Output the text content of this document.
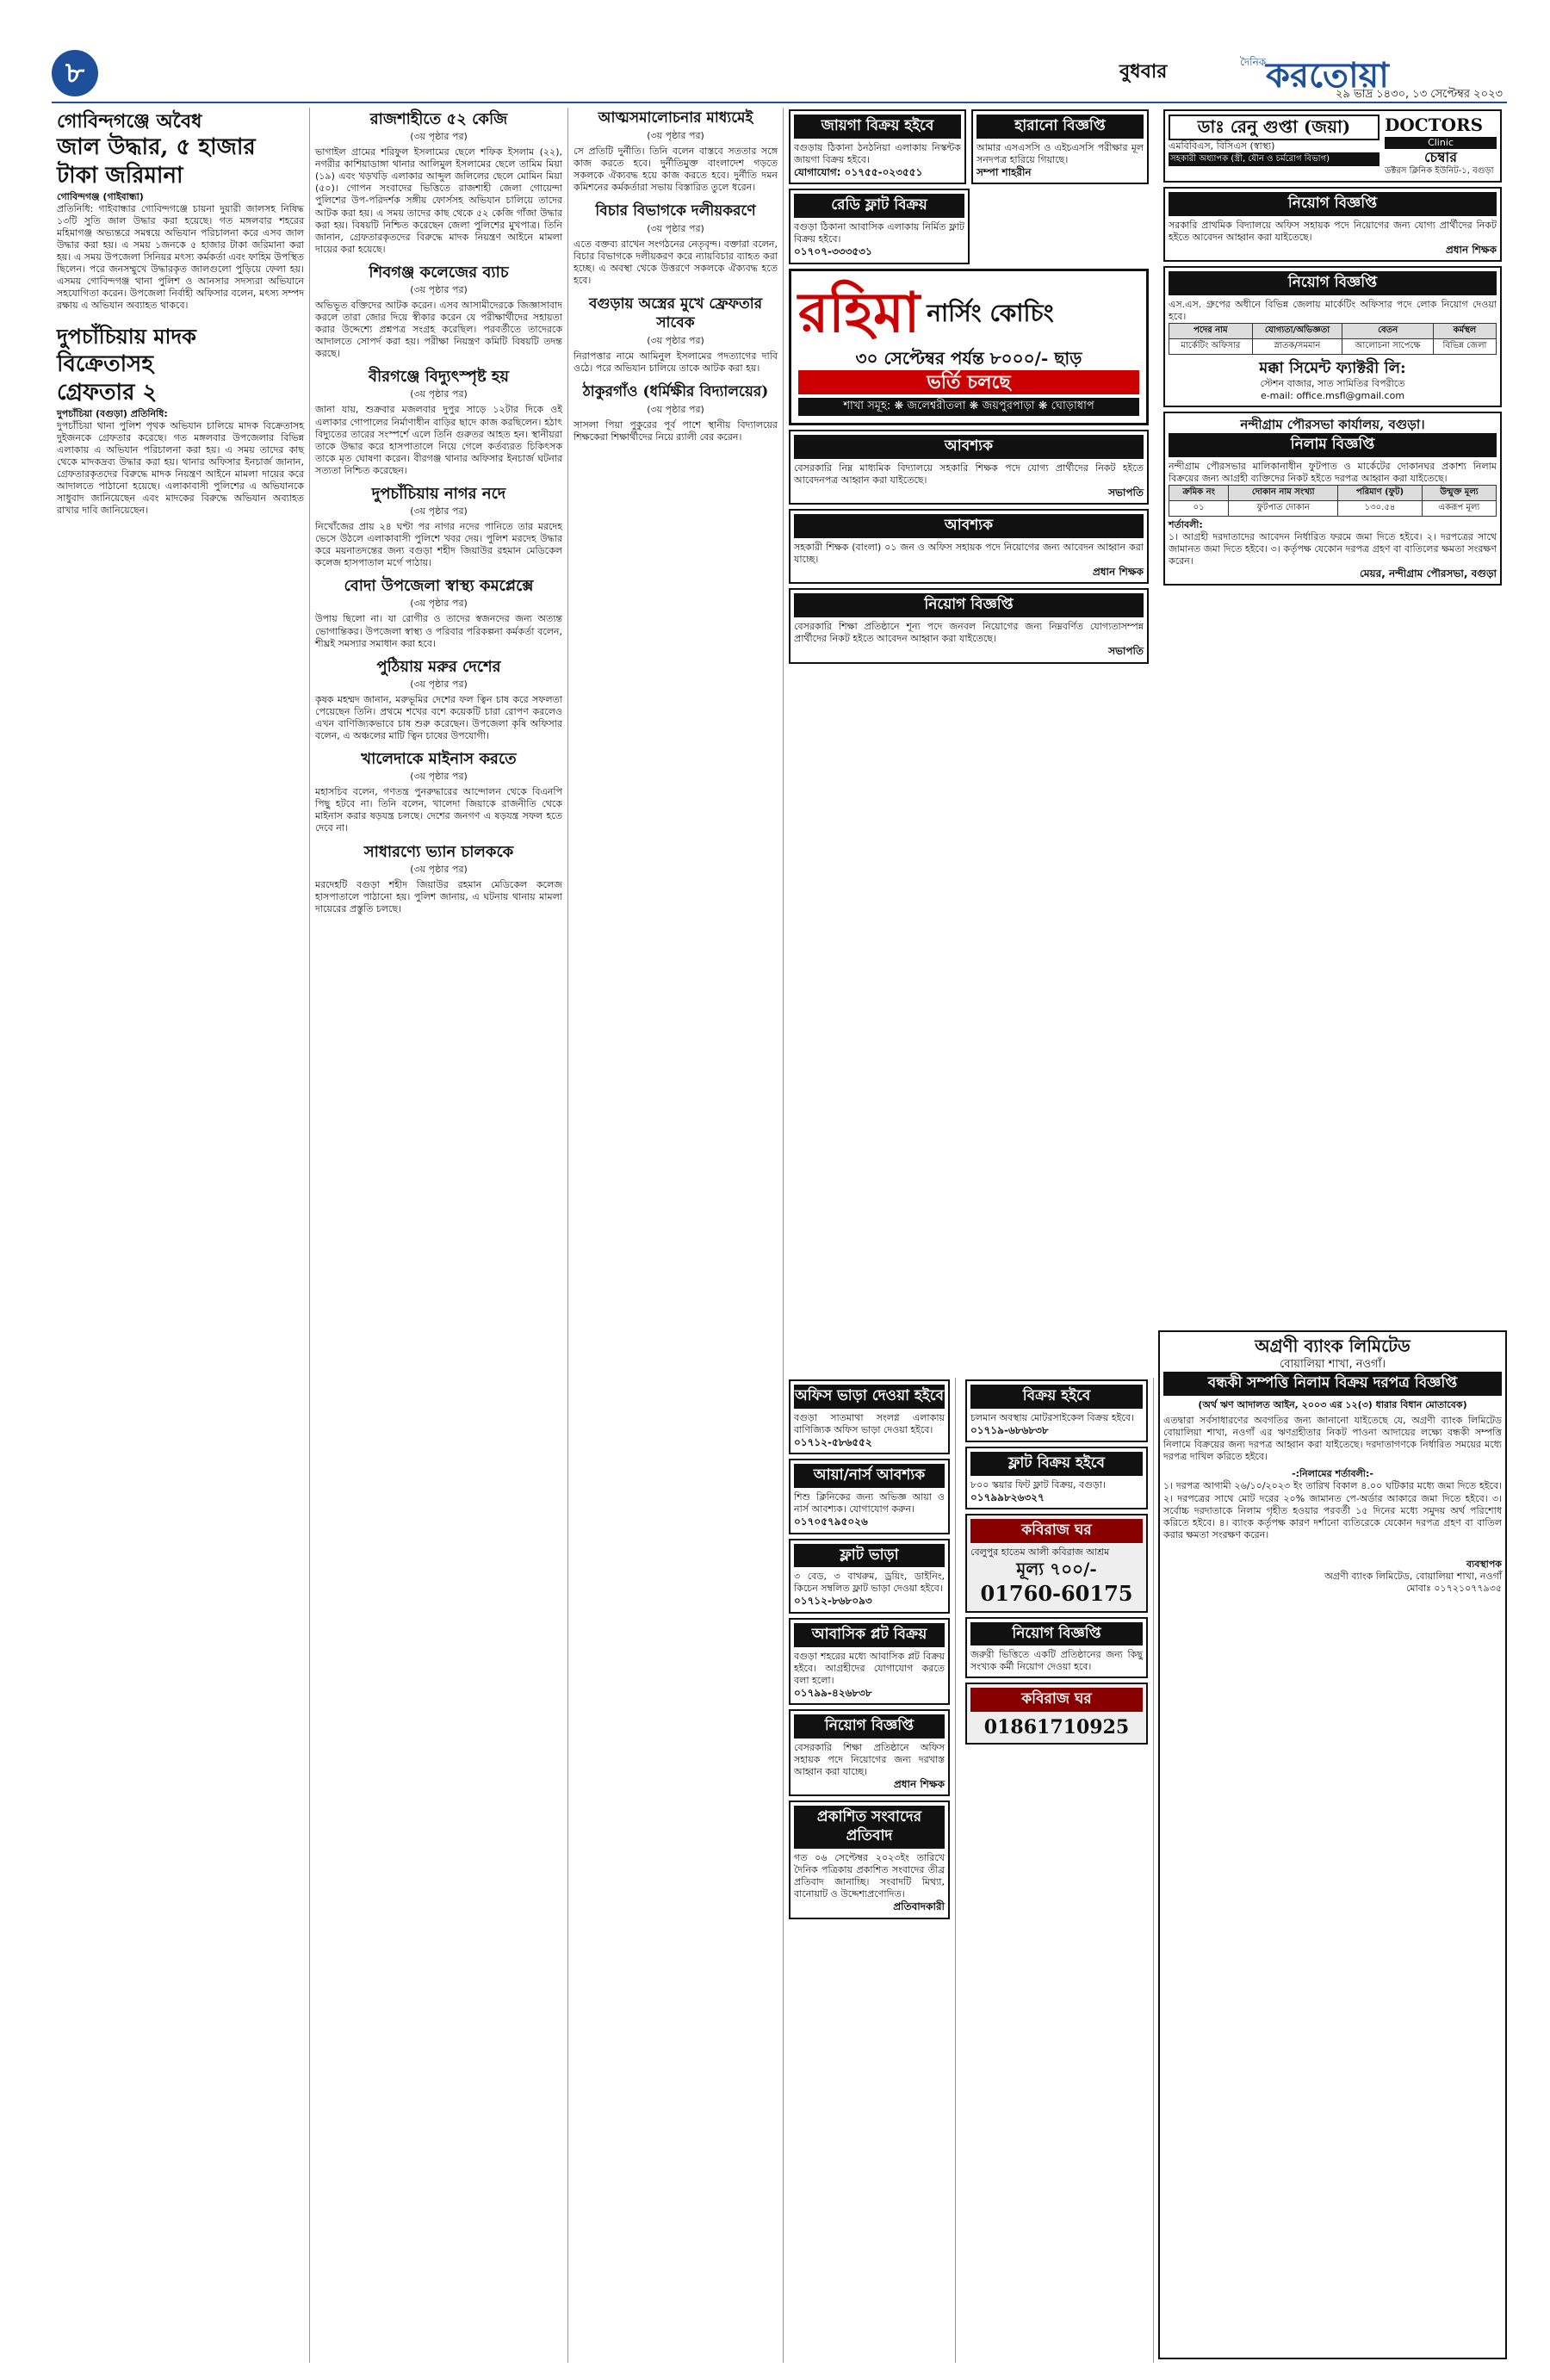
৮	বুধবার	দৈনিক করতোয়া
২৯ ভাদ্র ১৪৩০, ১৩ সেপ্টেম্বর ২০২৩
গোবিন্দগঞ্জে অবৈধ
জাল উদ্ধার, ৫ হাজার
টাকা জরিমানা
গোবিন্দগঞ্জ (গাইবান্ধা)
প্রতিনিধি: গাইবান্ধার গোবিন্দগঞ্জে চায়না দুয়ারী জালসহ নিষিদ্ধ ১৩টি সুতি জাল উদ্ধার করা হয়েছে। গত মঙ্গলবার শহরের মহিমাগঞ্জ অভ্যন্তরে সমন্বয়ে অভিযান পরিচালনা করে এসব জাল উদ্ধার করা হয়। এ সময় ১জনকে ৫ হাজার টাকা জরিমানা করা হয়। এ সময় উপজেলা সিনিয়র মৎস্য কর্মকর্তা এবং ফাহিম উপস্থিত ছিলেন। পরে জনসম্মুখে উদ্ধারকৃত জালগুলো পুড়িয়ে ফেলা হয়। এসময় গোবিন্দগঞ্জ থানা পুলিশ ও আনসার সদস্যরা অভিযানে সহযোগিতা করেন। উপজেলা নির্বাহী অফিসার বলেন, মৎস্য সম্পদ রক্ষায় এ অভিযান অব্যাহত থাকবে।
দুপচাঁচিয়ায় মাদক
বিক্রেতাসহ
গ্রেফতার ২
দুপচাঁচিয়া (বগুড়া) প্রতিনিধি:
দুপচাঁচিয়া থানা পুলিশ পৃথক অভিযান চালিয়ে মাদক বিক্রেতাসহ দুইজনকে গ্রেফতার করেছে। গত মঙ্গলবার উপজেলার বিভিন্ন এলাকায় এ অভিযান পরিচালনা করা হয়। এ সময় তাদের কাছ থেকে মাদকদ্রব্য উদ্ধার করা হয়। থানার অফিসার ইনচার্জ জানান, গ্রেফতারকৃতদের বিরুদ্ধে মাদক নিয়ন্ত্রণ আইনে মামলা দায়ের করে আদালতে পাঠানো হয়েছে। এলাকাবাসী পুলিশের এ অভিযানকে সাধুবাদ জানিয়েছেন এবং মাদকের বিরুদ্ধে অভিযান অব্যাহত রাখার দাবি জানিয়েছেন।
রাজশাহীতে ৫২ কেজি
(৩য় পৃষ্ঠার পর)
ভাগাইল গ্রামের শরিফুল ইসলামের ছেলে শফিক ইসলাম (২২), নগরীর কাশিয়াডাঙ্গা থানার আলিমুল ইসলামের ছেলে তামিম মিয়া (১৯) এবং খড়খড়ি এলাকার আব্দুল জলিলের ছেলে মোমিন মিয়া (৫০)। গোপন সংবাদের ভিত্তিতে রাজশাহী জেলা গোয়েন্দা পুলিশের উপ-পরিদর্শক সঙ্গীয় ফোর্সসহ অভিযান চালিয়ে তাদের আটক করা হয়। এ সময় তাদের কাছ থেকে ৫২ কেজি গাঁজা উদ্ধার করা হয়। বিষয়টি নিশ্চিত করেছেন জেলা পুলিশের মুখপাত্র। তিনি জানান, গ্রেফতারকৃতদের বিরুদ্ধে মাদক নিয়ন্ত্রণ আইনে মামলা দায়ের করা হয়েছে।
শিবগঞ্জ কলেজের ব্যাচ
(৩য় পৃষ্ঠার পর)
অভিভূত বক্তিদের আটক করেন। এসব আসামীদেরকে জিজ্ঞাসাবাদ করলে তারা জোর দিয়ে স্বীকার করেন যে পরীক্ষার্থীদের সহায়তা করার উদ্দেশ্যে প্রশ্নপত্র সংগ্রহ করেছিল। পরবর্তীতে তাদেরকে আদালতে সোপর্দ করা হয়। পরীক্ষা নিয়ন্ত্রণ কমিটি বিষয়টি তদন্ত করছে।
বীরগঞ্জে বিদ্যুৎস্পৃষ্ট হয়
(৩য় পৃষ্ঠার পর)
জানা যায়, শুক্রবার মজলবার দুপুর সাড়ে ১২টার দিকে ওই এলাকার গোপালের নির্মাণাধীন বাড়ির ছাদে কাজ করছিলেন। হঠাৎ বিদ্যুতের তারের সংস্পর্শে এলে তিনি গুরুতর আহত হন। স্থানীয়রা তাকে উদ্ধার করে হাসপাতালে নিয়ে গেলে কর্তব্যরত চিকিৎসক তাকে মৃত ঘোষণা করেন। বীরগঞ্জ থানার অফিসার ইনচার্জ ঘটনার সত্যতা নিশ্চিত করেছেন।
দুপচাঁচিয়ায় নাগর নদে
(৩য় পৃষ্ঠার পর)
নিখোঁজের প্রায় ২৪ ঘণ্টা পর নাগর নদের পানিতে তার মরদেহ ভেসে উঠলে এলাকাবাসী পুলিশে খবর দেয়। পুলিশ মরদেহ উদ্ধার করে ময়নাতদন্তের জন্য বগুড়া শহীদ জিয়াউর রহমান মেডিকেল কলেজ হাসপাতাল মর্গে পাঠায়।
বোদা উপজেলা স্বাস্থ্য কমপ্লেক্সে
(৩য় পৃষ্ঠার পর)
উপায় ছিলো না। যা রোগীর ও তাদের স্বজনদের জন্য অত্যন্ত ভোগান্তিকর। উপজেলা স্বাস্থ্য ও পরিবার পরিকল্পনা কর্মকর্তা বলেন, শীঘ্রই সমস্যার সমাধান করা হবে।
পুঠিয়ায় মরুর দেশের
(৩য় পৃষ্ঠার পর)
কৃষক মহম্মদ জানান, মরুভূমির দেশের ফল ত্বিন চাষ করে সফলতা পেয়েছেন তিনি। প্রথমে শখের বশে কয়েকটি চারা রোপণ করলেও এখন বাণিজ্যিকভাবে চাষ শুরু করেছেন। উপজেলা কৃষি অফিসার বলেন, এ অঞ্চলের মাটি ত্বিন চাষের উপযোগী।
খালেদাকে মাইনাস করতে
(৩য় পৃষ্ঠার পর)
মহাসচিব বলেন, গণতন্ত্র পুনরুদ্ধারের আন্দোলন থেকে বিএনপি পিছু হটবে না। তিনি বলেন, খালেদা জিয়াকে রাজনীতি থেকে মাইনাস করার ষড়যন্ত্র চলছে। দেশের জনগণ এ ষড়যন্ত্র সফল হতে দেবে না।
সাধারণ্যে ভ্যান চালককে
(৩য় পৃষ্ঠার পর)
মরদেহটি বগুড়া শহীদ জিয়াউর রহমান মেডিকেল কলেজ হাসপাতালে পাঠানো হয়। পুলিশ জানায়, এ ঘটনায় থানায় মামলা দায়েরের প্রস্তুতি চলছে।
আত্মসমালোচনার মাধ্যমেই
(৩য় পৃষ্ঠার পর)
সে প্রতিটি দুর্নীতি। তিনি বলেন বাস্তবে সততার সঙ্গে কাজ করতে হবে। দুর্নীতিমুক্ত বাংলাদেশ গড়তে সকলকে ঐক্যবদ্ধ হয়ে কাজ করতে হবে। দুর্নীতি দমন কমিশনের কর্মকর্তারা সভায় বিস্তারিত তুলে ধরেন।
বিচার বিভাগকে দলীয়করণে
(৩য় পৃষ্ঠার পর)
এতে বক্তব্য রাখেন সংগঠনের নেতৃবৃন্দ। বক্তারা বলেন, বিচার বিভাগকে দলীয়করণ করে ন্যায়বিচার ব্যাহত করা হচ্ছে। এ অবস্থা থেকে উত্তরণে সকলকে ঐক্যবদ্ধ হতে হবে।
বগুড়ায় অস্ত্রের মুখে ফ্রেফতার সাবেক
(৩য় পৃষ্ঠার পর)
নিরাপত্তার নামে আমিনুল ইসলামের পদত্যাগের দাবি ওঠে। পরে অভিযান চালিয়ে তাকে আটক করা হয়।
ঠাকুরগাঁও (ধর্মিক্ষীর বিদ্যালয়ের)
(৩য় পৃষ্ঠার পর)
সাসলা পিয়া পুকুরের পূর্ব পাশে স্থানীয় বিদ্যালয়ের শিক্ষকেরা শিক্ষার্থীদের নিয়ে র‌্যালী বের করেন।
জায়গা বিক্রয় হইবে
বগুড়ায় ঠিকানা ঠনঠনিয়া এলাকায় নিস্কন্টক জায়গা বিক্রয় হইবে।
যোগাযোগ: ০১৭৫৫-০২৩৫৫১
হারানো বিজ্ঞপ্তি
আমার এসএসসি ও এইচএসসি পরীক্ষার মূল সনদপত্র হারিয়ে গিয়াছে।
সম্পা শাহরীন
রেডি ফ্লাট বিক্রয়
বগুড়া ঠিকানা আবাসিক এলাকায় নির্মিত ফ্লাট বিক্রয় হইবে।
০১৭০৭-৩৩৩৫৩১
রহিমা নার্সিং কোচিং
৩০ সেপ্টেম্বর পর্যন্ত ৮০০০/- ছাড়
ভর্তি চলছে
শাখা সমূহ: ❋ জলেশ্বরীতলা ❋ জয়পুরপাড়া ❋ ঘোড়াধাপ
আবশ্যক
বেসরকারি নিম্ন মাধ্যমিক বিদ্যালয়ে সহকারি শিক্ষক পদে যোগ্য প্রার্থীদের নিকট হইতে আবেদনপত্র আহ্বান করা যাইতেছে।
সভাপতি
আবশ্যক
সহকারী শিক্ষক (বাংলা) ০১ জন ও অফিস সহায়ক পদে নিয়োগের জন্য আবেদন আহ্বান করা যাচ্ছে।
প্রধান শিক্ষক
নিয়োগ বিজ্ঞপ্তি
বেসরকারি শিক্ষা প্রতিষ্ঠানে শূন্য পদে জনবল নিয়োগের জন্য নিম্নবর্ণিত যোগ্যতাসম্পন্ন প্রার্থীদের নিকট হইতে আবেদন আহ্বান করা যাইতেছে।
সভাপতি
অফিস ভাড়া দেওয়া হইবে
বগুড়া সাতমাথা সংলগ্ন এলাকায় বাণিজ্যিক অফিস ভাড়া দেওয়া হইবে।
০১৭১২-৫৮৬৫৫২
আয়া/নার্স আবশ্যক
শিশু ক্লিনিকের জন্য অভিজ্ঞ আয়া ও নার্স আবশ্যক। যোগাযোগ করুন।
০১৭০৫৭৯৫০২৬
ফ্লাট ভাড়া
৩ বেড, ৩ বাথরুম, ড্রয়িং, ডাইনিং, কিচেন সম্বলিত ফ্লাট ভাড়া দেওয়া হইবে।
০১৭১২-৮৬৮০৯৩
আবাসিক প্লট বিক্রয়
বগুড়া শহরের মধ্যে আবাসিক প্লট বিক্রয় হইবে। আগ্রহীদের যোগাযোগ করতে বলা হলো।
০১৭৯৯-৪২৬৮৩৮
নিয়োগ বিজ্ঞপ্তি
বেসরকারি শিক্ষা প্রতিষ্ঠানে অফিস সহায়ক পদে নিয়োগের জন্য দরখাস্ত আহ্বান করা যাচ্ছে।
প্রধান শিক্ষক
প্রকাশিত সংবাদের প্রতিবাদ
গত ০৬ সেপ্টেম্বর ২০২৩ইং তারিখে দৈনিক পত্রিকায় প্রকাশিত সংবাদের তীব্র প্রতিবাদ জানাচ্ছি। সংবাদটি মিথ্যা, বানোয়াট ও উদ্দেশ্যপ্রণোদিত।
প্রতিবাদকারী
বিক্রয় হইবে
চলমান অবস্থায় মোটরসাইকেল বিক্রয় হইবে।
০১৭১৯-৬৮৬৮৩৮
ফ্লাট বিক্রয় হইবে
৮০০ স্কয়ার ফিট ফ্লাট বিক্রয়, বগুড়া।
০১৭৯৯৮২৬৩২৭
কবিরাজ ঘর
বেলুপুর হাতেম আলী কবিরাজ আশ্রম
মূল্য ৭০০/-
01760-60175
নিয়োগ বিজ্ঞপ্তি
জরুরী ভিত্তিতে একটি প্রতিষ্ঠানের জন্য কিছু সংখ্যক কর্মী নিয়োগ দেওয়া হবে।
কবিরাজ ঘর
01861710925
ডাঃ রেনু গুপ্তা (জয়া)
এমবিবিএস, বিসিএস (স্বাস্থ্য)
সহকারী অধ্যাপক (স্ত্রী, যৌন ও চর্মরোগ বিভাগ)
DOCTORS
Clinic
চেম্বার
ডক্টরস ক্লিনিক ইউনিট-১, বগুড়া
নিয়োগ বিজ্ঞপ্তি
সরকারি প্রাথমিক বিদ্যালয়ে অফিস সহায়ক পদে নিয়োগের জন্য যোগ্য প্রার্থীদের নিকট হইতে আবেদন আহ্বান করা যাইতেছে।
প্রধান শিক্ষক
নিয়োগ বিজ্ঞপ্তি
এস.এস. গ্রুপের অধীনে বিভিন্ন জেলায় মার্কেটিং অফিসার পদে লোক নিয়োগ দেওয়া হবে।
পদের নাম	যোগ্যতা/অভিজ্ঞতা	বেতন	কর্মস্থল
মার্কেটিং অফিসার	স্নাতক/সমমান	আলোচনা সাপেক্ষে	বিভিন্ন জেলা
মক্কা সিমেন্ট ফ্যাক্টরী লি:
স্টেশন বাজার, সাত সামিতির বিপরীতে
e-mail: office.msfl@gmail.com
নন্দীগ্রাম পৌরসভা কার্যালয়, বগুড়া।
নিলাম বিজ্ঞপ্তি
নন্দীগ্রাম পৌরসভার মালিকানাধীন ফুটপাত ও মার্কেটের দোকানঘর প্রকাশ্য নিলাম বিক্রয়ের জন্য আগ্রহী ব্যক্তিদের নিকট হইতে দরপত্র আহ্বান করা যাইতেছে।
ক্রমিক নং	দোকান নাম সংখ্যা	পরিমাণ (ফুট)	উন্মুক্ত মূল্য
০১	ফুটপাত দোকান	১৩০.৫৪	একরূপ মূল্য
শর্তাবলী:
১। আগ্রহী দরদাতাদের আবেদন নির্ধারিত ফরমে জমা দিতে হইবে। ২। দরপত্রের সাথে জামানত জমা দিতে হইবে। ৩। কর্তৃপক্ষ যেকোন দরপত্র গ্রহণ বা বাতিলের ক্ষমতা সংরক্ষণ করেন।
মেয়র, নন্দীগ্রাম পৌরসভা, বগুড়া
অগ্রণী ব্যাংক লিমিটেড
বোয়ালিয়া শাখা, নওগাঁ।
বন্ধকী সম্পত্তি নিলাম বিক্রয় দরপত্র বিজ্ঞপ্তি
(অর্থ ঋণ আদালত আইন, ২০০৩ এর ১২(৩) ধারার বিধান মোতাবেক)
এতদ্বারা সর্বসাধারণের অবগতির জন্য জানানো যাইতেছে যে, অগ্রণী ব্যাংক লিমিটেড বোয়ালিয়া শাখা, নওগাঁ এর ঋণগ্রহীতার নিকট পাওনা আদায়ের লক্ষ্যে বন্ধকী সম্পত্তি নিলামে বিক্রয়ের জন্য দরপত্র আহ্বান করা যাইতেছে। দরদাতাগণকে নির্ধারিত সময়ের মধ্যে দরপত্র দাখিল করিতে হইবে।
-:নিলামের শর্তাবলী:-
১। দরপত্র আগামী ২৬/১০/২০২৩ ইং তারিখ বিকাল ৪.০০ ঘটিকার মধ্যে জমা দিতে হইবে। ২। দরপত্রের সাথে মোট দরের ২০% জামানত পে-অর্ডার আকারে জমা দিতে হইবে। ৩। সর্বোচ্চ দরদাতাকে নিলাম গৃহীত হওয়ার পরবর্তী ১৫ দিনের মধ্যে সমুদয় অর্থ পরিশোধ করিতে হইবে। ৪। ব্যাংক কর্তৃপক্ষ কারণ দর্শানো ব্যতিরেকে যেকোন দরপত্র গ্রহণ বা বাতিল করার ক্ষমতা সংরক্ষণ করেন।
ব্যবস্থাপক
অগ্রণী ব্যাংক লিমিটেড, বোয়ালিয়া শাখা, নওগাঁ
মোবাঃ ০১৭২১০৭৭৯৩৫
